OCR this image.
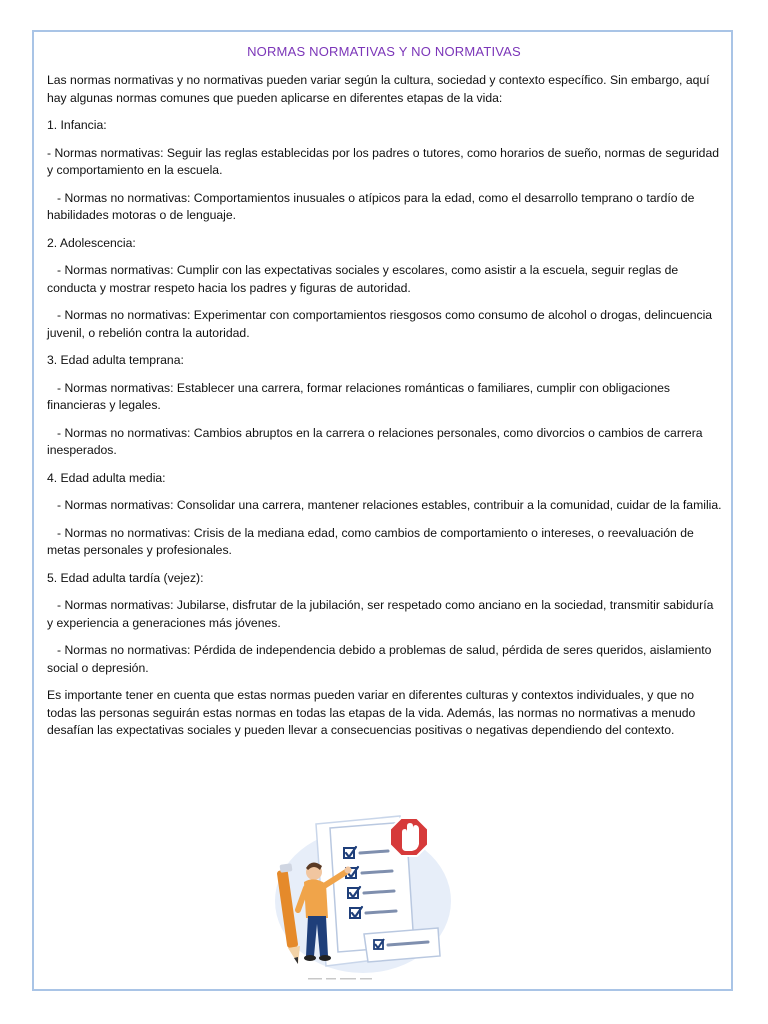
NORMAS NORMATIVAS Y NO NORMATIVAS

Las normas normativas y no normativas pueden variar según la cultura, sociedad y contexto específico. Sin embargo, aquí hay algunas normas comunes que pueden aplicarse en diferentes etapas de la vida:

1. Infancia:

- Normas normativas: Seguir las reglas establecidas por los padres o tutores, como horarios de sueño, normas de seguridad y comportamiento en la escuela.

- Normas no normativas: Comportamientos inusuales o atípicos para la edad, como el desarrollo temprano o tardío de habilidades motoras o de lenguaje.

2. Adolescencia:

- Normas normativas: Cumplir con las expectativas sociales y escolares, como asistir a la escuela, seguir reglas de conducta y mostrar respeto hacia los padres y figuras de autoridad.

- Normas no normativas: Experimentar con comportamientos riesgosos como consumo de alcohol o drogas, delincuencia juvenil, o rebelión contra la autoridad.

3. Edad adulta temprana:

- Normas normativas: Establecer una carrera, formar relaciones románticas o familiares, cumplir con obligaciones financieras y legales.

- Normas no normativas: Cambios abruptos en la carrera o relaciones personales, como divorcios o cambios de carrera inesperados.

4. Edad adulta media:

- Normas normativas: Consolidar una carrera, mantener relaciones estables, contribuir a la comunidad, cuidar de la familia.

- Normas no normativas: Crisis de la mediana edad, como cambios de comportamiento o intereses, o reevaluación de metas personales y profesionales.

5. Edad adulta tardía (vejez):

- Normas normativas: Jubilarse, disfrutar de la jubilación, ser respetado como anciano en la sociedad, transmitir sabiduría y experiencia a generaciones más jóvenes.

- Normas no normativas: Pérdida de independencia debido a problemas de salud, pérdida de seres queridos, aislamiento social o depresión.

Es importante tener en cuenta que estas normas pueden variar en diferentes culturas y contextos individuales, y que no todas las personas seguirán estas normas en todas las etapas de la vida. Además, las normas no normativas a menudo desafían las expectativas sociales y pueden llevar a consecuencias positivas o negativas dependiendo del contexto.
